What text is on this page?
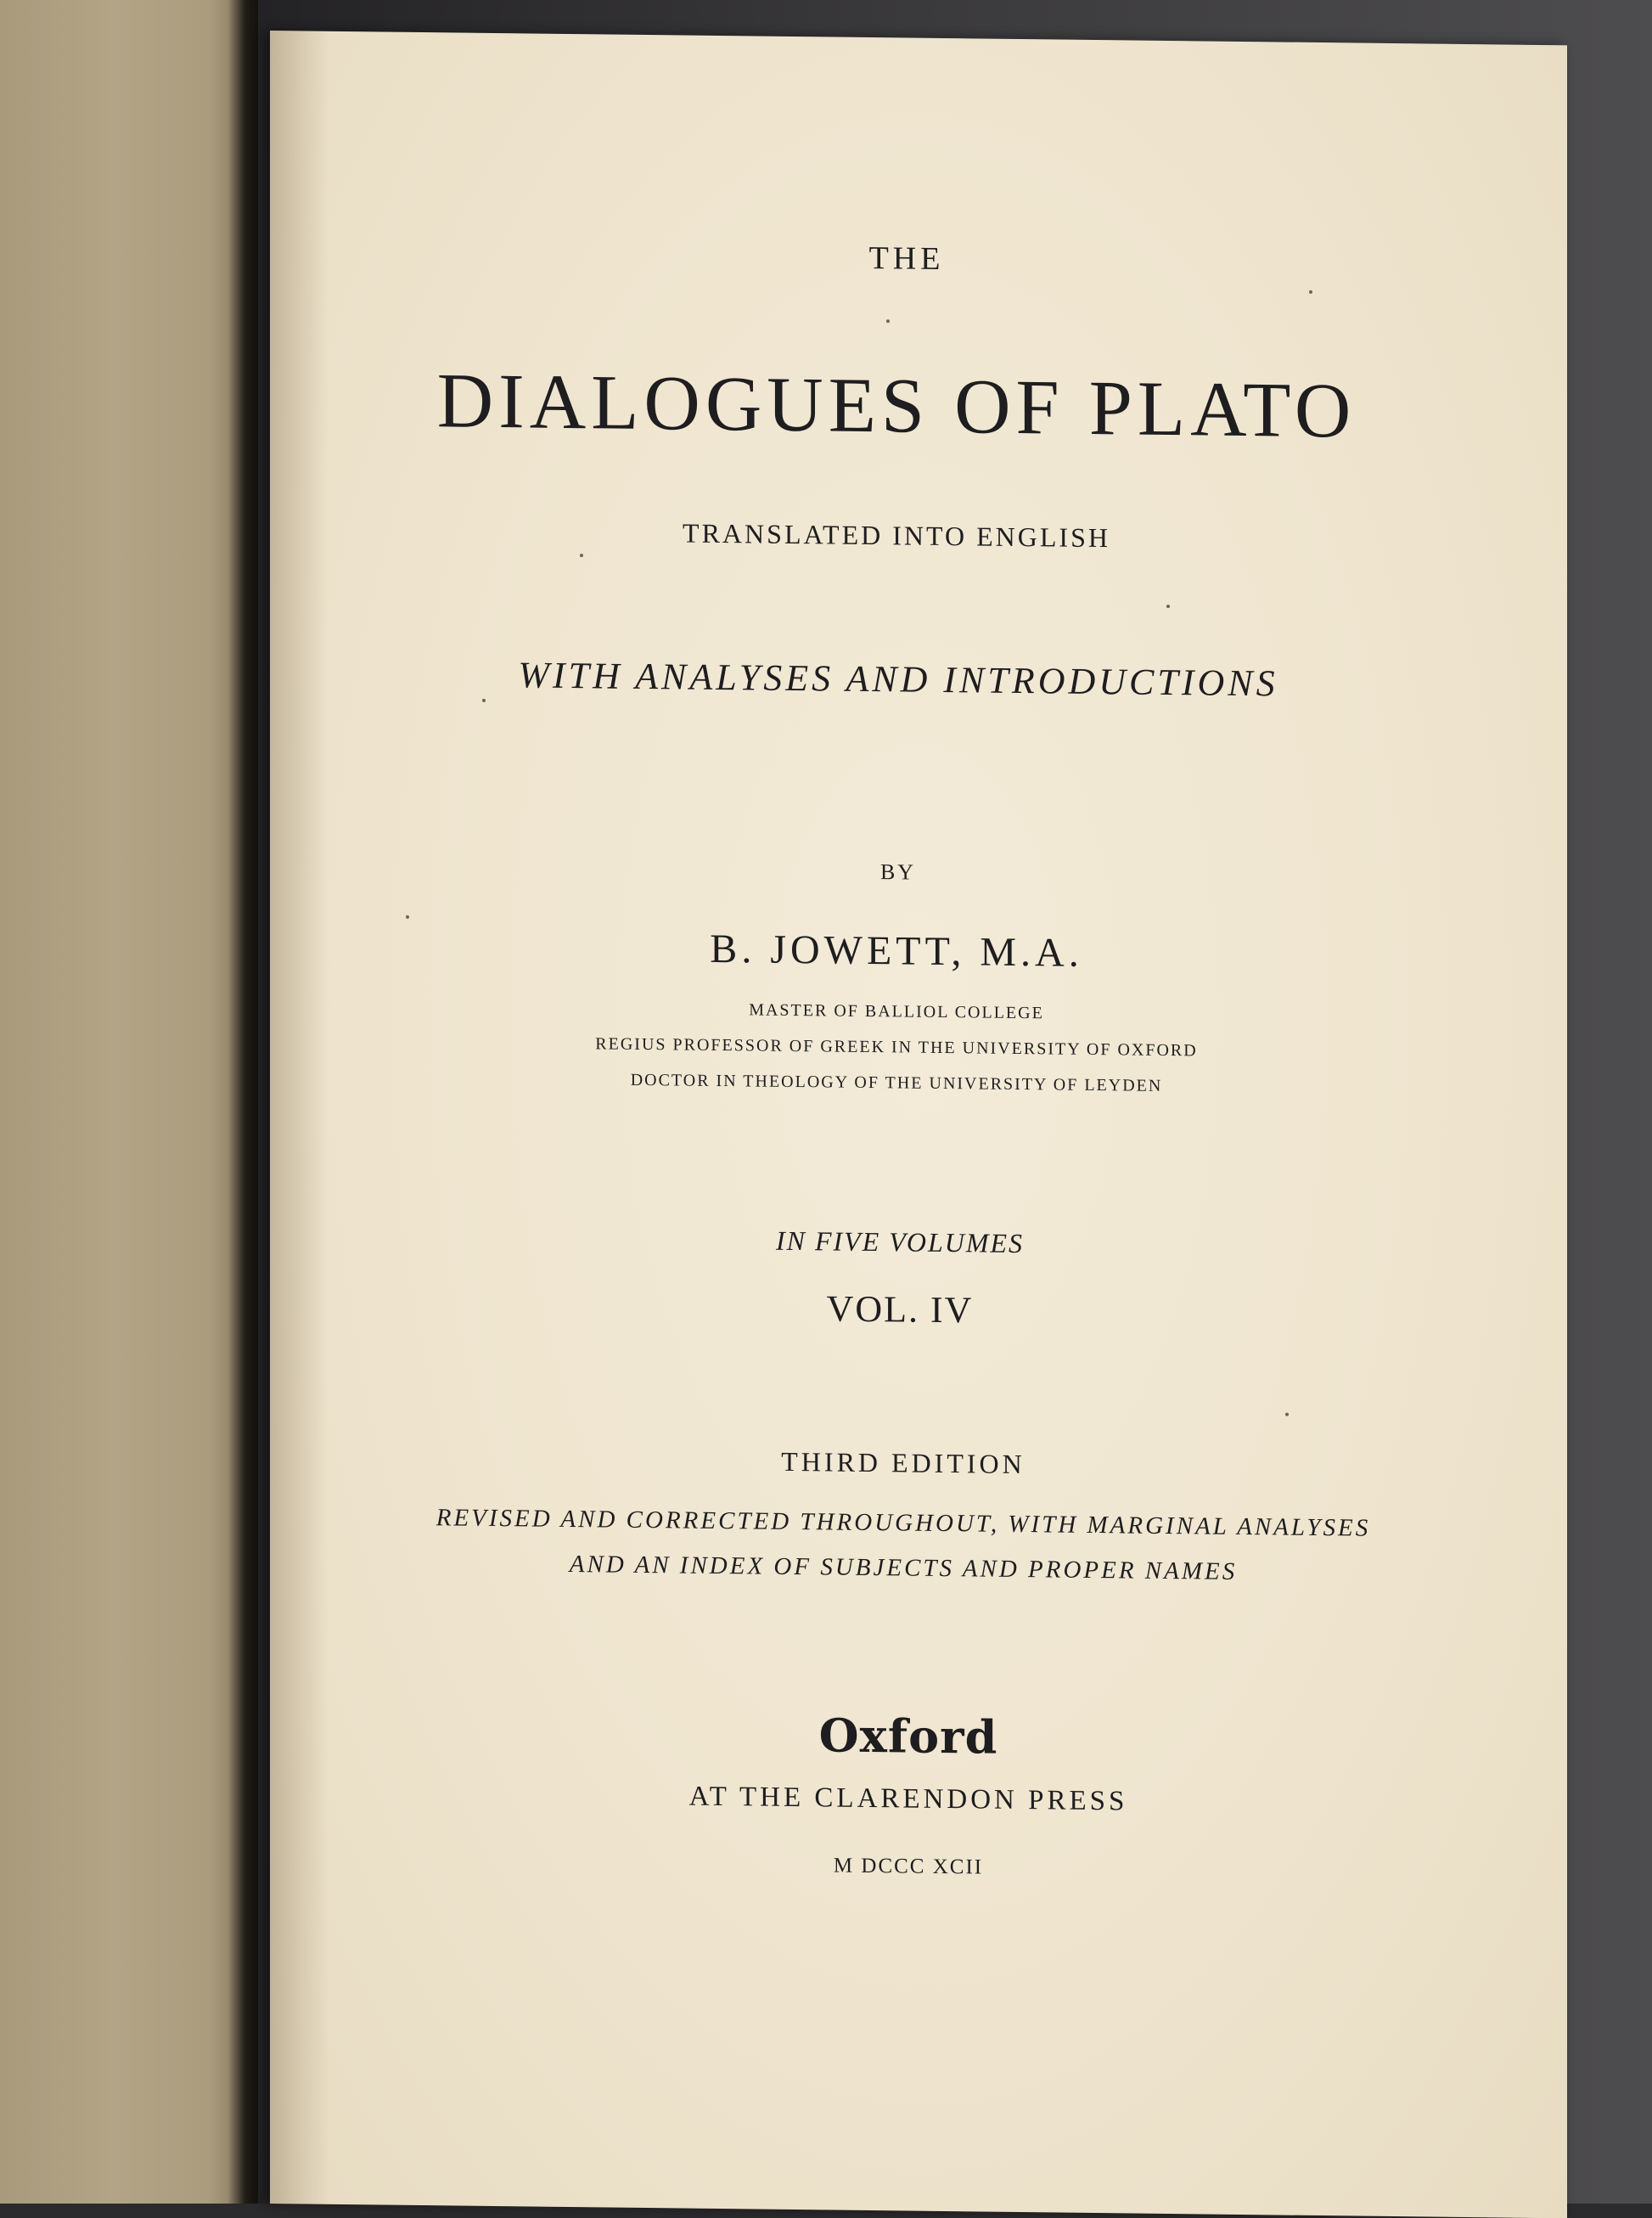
THE
DIALOGUES OF PLATO
TRANSLATED INTO ENGLISH
WITH ANALYSES AND INTRODUCTIONS
BY
B. JOWETT, M.A.
MASTER OF BALLIOL COLLEGE
REGIUS PROFESSOR OF GREEK IN THE UNIVERSITY OF OXFORD
DOCTOR IN THEOLOGY OF THE UNIVERSITY OF LEYDEN
IN FIVE VOLUMES
VOL. IV
THIRD EDITION
REVISED AND CORRECTED THROUGHOUT, WITH MARGINAL ANALYSES
AND AN INDEX OF SUBJECTS AND PROPER NAMES
Oxford
AT THE CLARENDON PRESS
M DCCC XCII
